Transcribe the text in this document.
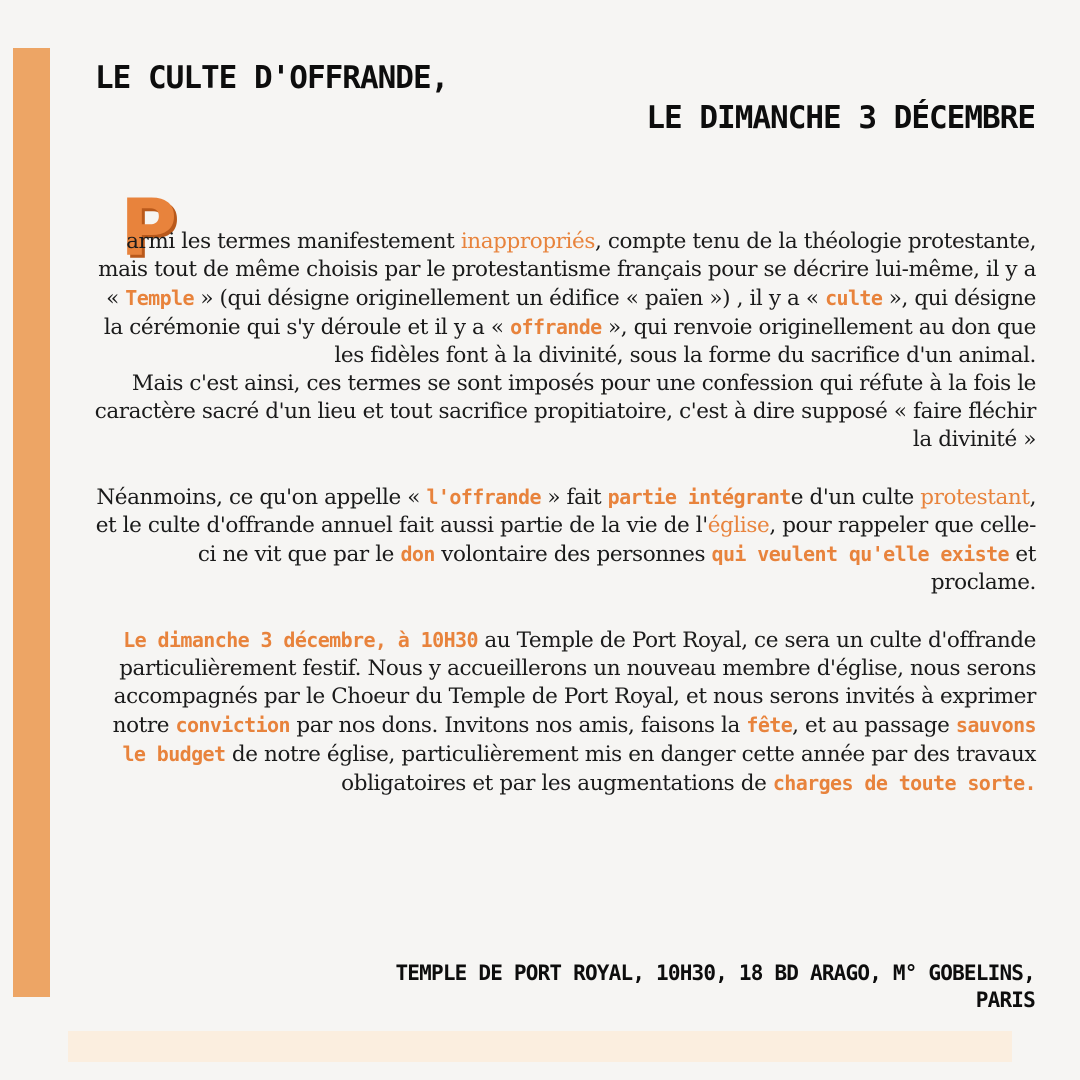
LE CULTE D'OFFRANDE,
LE DIMANCHE 3 DÉCEMBRE
P

armi les termes manifestement inappropriés, compte tenu de la théologie protestante, mais tout de même choisis par le protestantisme français pour se décrire lui-même, il y a « Temple » (qui désigne originellement un édifice « païen ») , il y a « culte », qui désigne la cérémonie qui s'y déroule et il y a « offrande », qui renvoie originellement au don que les fidèles font à la divinité, sous la forme du sacrifice d'un animal.

Mais c'est ainsi, ces termes se sont imposés pour une confession qui réfute à la fois le caractère sacré d'un lieu et tout sacrifice propitiatoire, c'est à dire supposé « faire fléchir la divinité »

Néanmoins, ce qu'on appelle « l'offrande » fait partie intégrante d'un culte protestant, et le culte d'offrande annuel fait aussi partie de la vie de l'église, pour rappeler que celle-ci ne vit que par le don volontaire des personnes qui veulent qu'elle existe et proclame.

Le dimanche 3 décembre, à 10H30 au Temple de Port Royal, ce sera un culte d'offrande particulièrement festif. Nous y accueillerons un nouveau membre d'église, nous serons accompagnés par le Choeur du Temple de Port Royal, et nous serons invités à exprimer notre conviction par nos dons. Invitons nos amis, faisons la fête, et au passage sauvons le budget de notre église, particulièrement mis en danger cette année par des travaux obligatoires et par les augmentations de charges de toute sorte.

TEMPLE DE PORT ROYAL, 10H30, 18 BD ARAGO, M° GOBELINS,
PARIS
